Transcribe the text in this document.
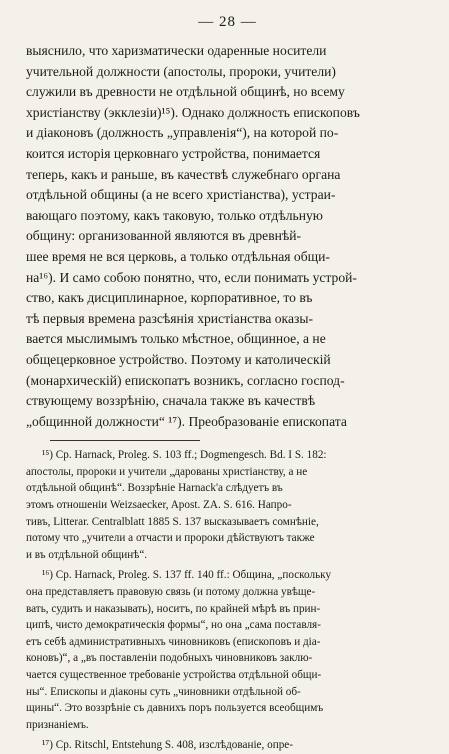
— 28 —
выяснило, что харизматически одаренные носители
учительной должности (апостолы, пророки, учители)
служили въ древности не отдѣльной общинѣ, но всему
христіанству (экклезіи)¹⁵). Однако должность епископовъ
и діаконовъ (должность „управленія“), на которой по-
коится исторія церковнаго устройства, понимается
теперь, какъ и раньше, въ качествѣ служебнаго органа
отдѣльной общины (а не всего христіанства), устраи-
вающаго поэтому, какъ таковую, только отдѣльную
общину: организованной являются въ древнѣй-
шее время не вся церковь, а только отдѣльная общи-
на¹⁶). И само собою понятно, что, если понимать устрой-
ство, какъ дисциплинарное, корпоративное, то въ
тѣ первыя времена разсѣянія христіанства оказы-
вается мыслимымъ только мѣстное, общинное, а не
общецерковное устройство. Поэтому и католическій
(монархическій) епископатъ возникъ, согласно господ-
ствующему воззрѣнію, сначала также въ качествѣ
„общинной должности“ ¹⁷). Преобразованіе епископата
¹⁵) Ср. Harnack, Proleg. S. 103 ff.; Dogmengesch. Bd. I S. 182:
апостолы, пророки и учители „дарованы христіанству, а не
отдѣльной общинѣ“. Воззрѣніе Harnack'a слѣдуетъ въ
этомъ отношеніи Weizsaecker, Apost. ZA. S. 616. Напро-
тивъ, Litterar. Centralblatt 1885 S. 137 высказываетъ сомнѣніе,
потому что „учители а отчасти и пророки дѣйствуютъ также
и въ отдѣльной общинѣ“.
¹⁶) Ср. Harnack, Proleg. S. 137 ff. 140 ff.: Община, „поскольку
она представляетъ правовую связь (и потому должна увѣще-
вать, судить и наказывать), носитъ, по крайней мѣрѣ въ прин-
ципѣ, чисто демократическія формы“, но она „сама поставля-
етъ себѣ административныхъ чиновниковъ (епископовъ и діа-
коновъ)“, а „въ поставленіи подобныхъ чиновниковъ заклю-
чается существенное требованіе устройства отдѣльной общи-
ны“. Епископы и діаконы суть „чиновники отдѣльной об-
щины“. Это воззрѣніе съ давнихъ поръ пользуется всеобщимъ
признаніемъ.
¹⁷) Ср. Ritschl, Entstehung S. 408, изслѣдованіе, опре-
